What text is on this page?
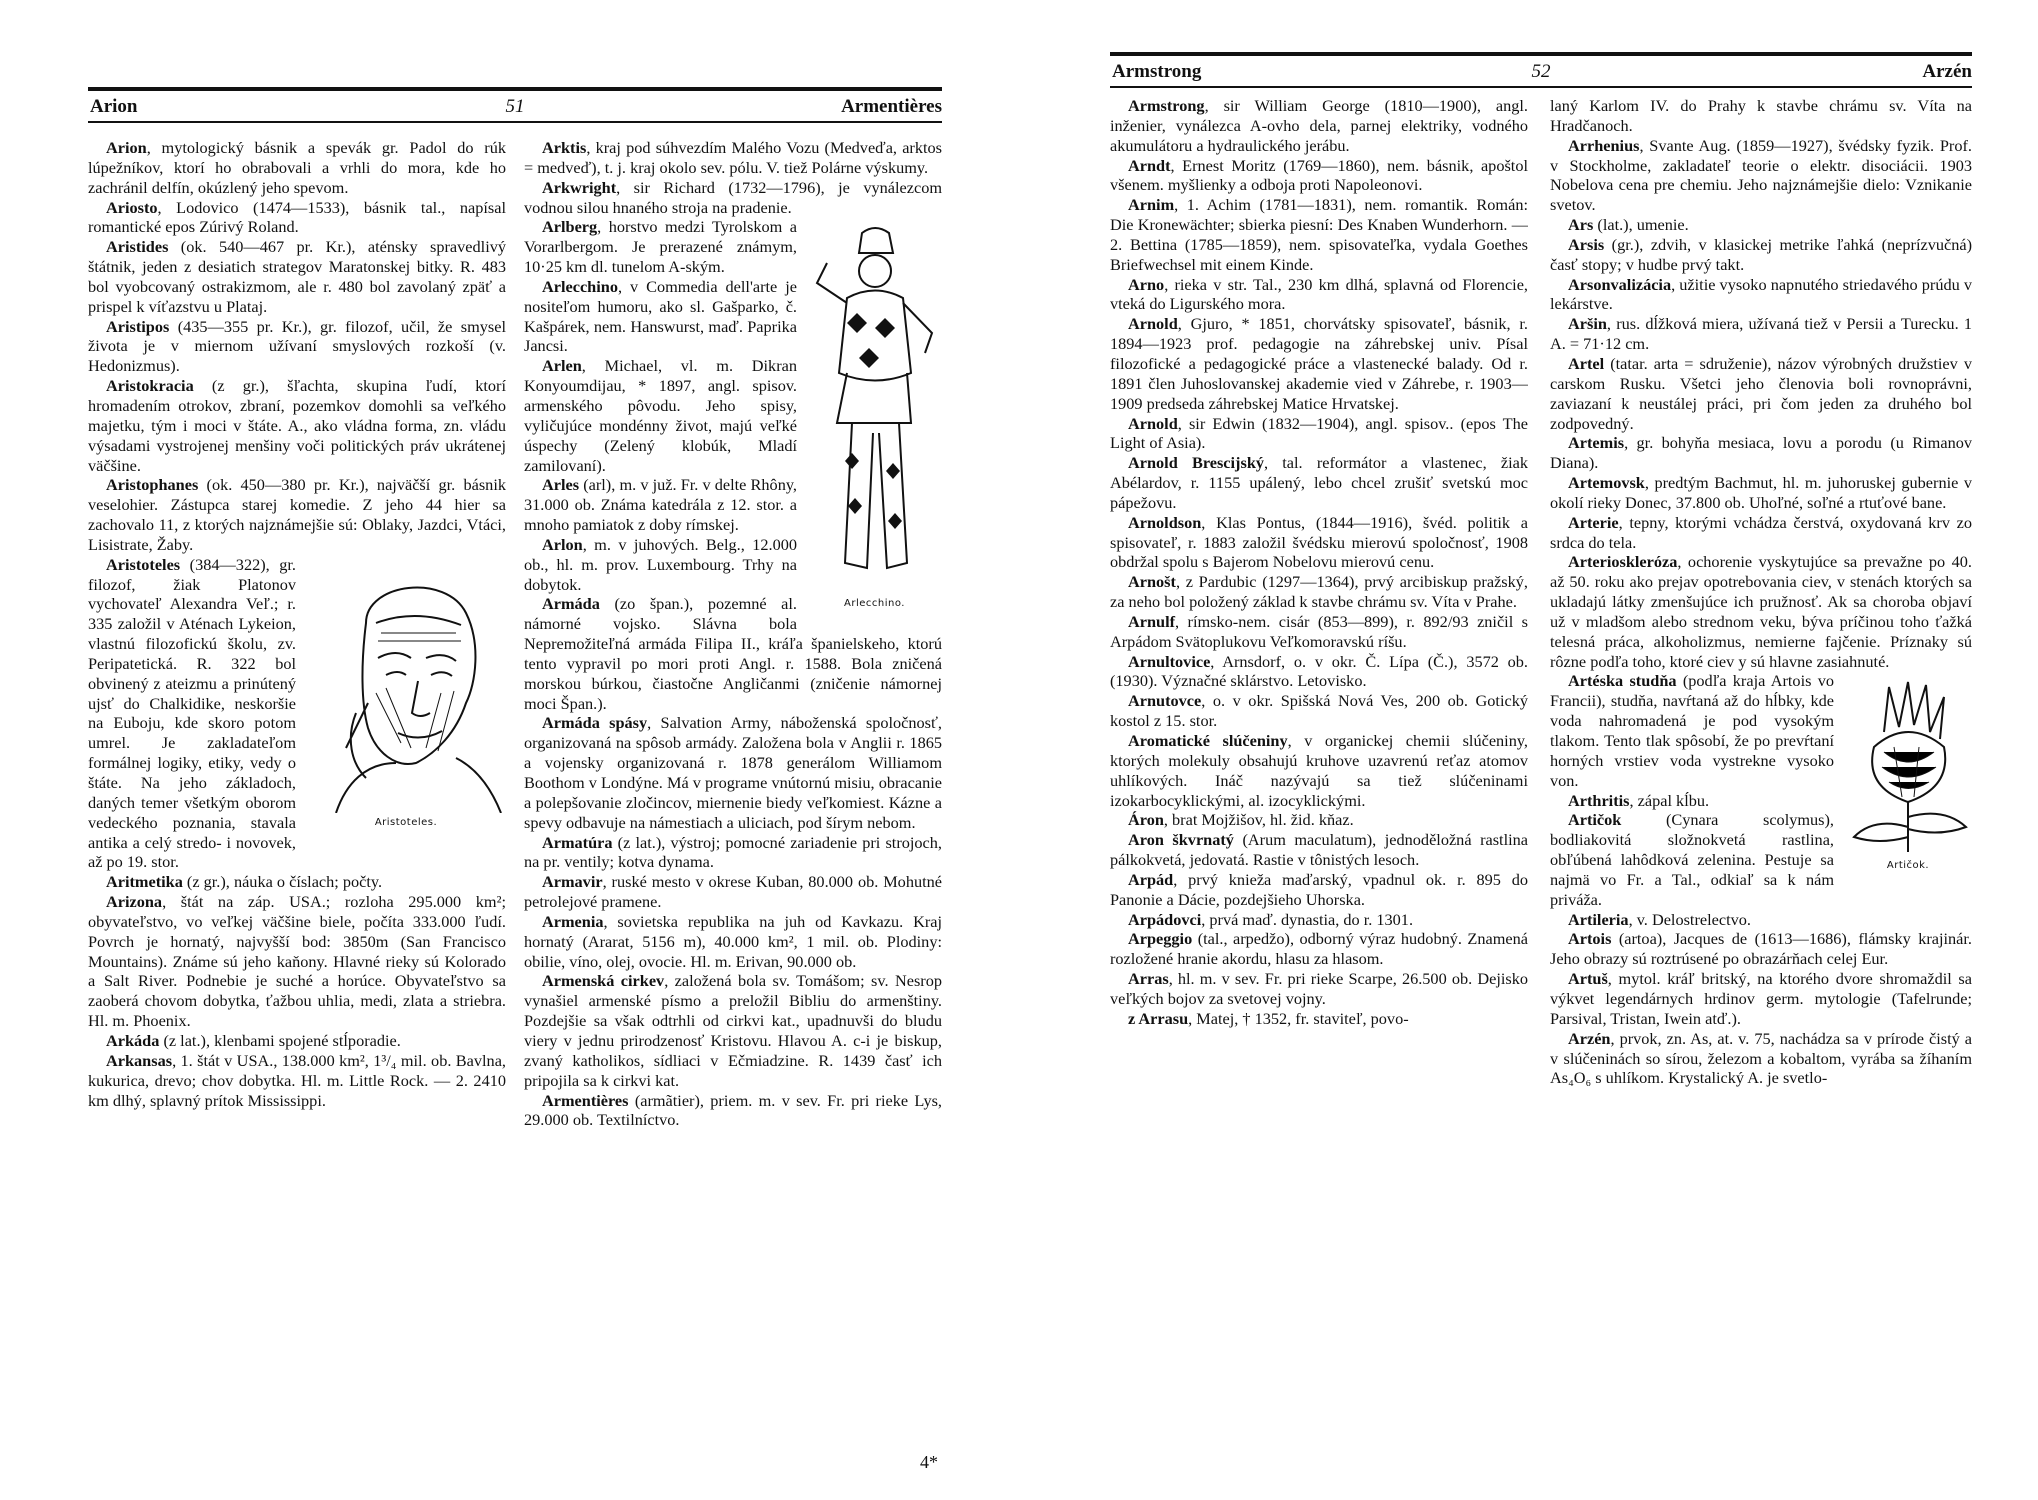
Arion	51	Armentières

Arion, mytologický básnik a spevák gr. Padol do rúk lúpežníkov, ktorí ho obrabovali a vrhli do mora, kde ho zachránil delfín, okúzlený jeho spevom.

Ariosto, Lodovico (1474—1533), básnik tal., napísal romantické epos Zúrivý Roland.

Aristides (ok. 540—467 pr. Kr.), aténsky spravedlivý štátnik, jeden z desiatich strategov Maratonskej bitky. R. 483 bol vyobcovaný ostrakizmom, ale r. 480 bol zavolaný zpäť a prispel k víťazstvu u Plataj.

Aristipos (435—355 pr. Kr.), gr. filozof, učil, že smysel života je v miernom užívaní smyslových rozkoší (v. Hedonizmus).

Aristokracia (z gr.), šľachta, skupina ľudí, ktorí hromadením otrokov, zbraní, pozemkov domohli sa veľkého majetku, tým i moci v štáte. A., ako vládna forma, zn. vládu výsadami vystrojenej menšiny voči politických práv ukrátenej väčšine.

Aristophanes (ok. 450—380 pr. Kr.), najväčší gr. básnik veselohier. Zástupca starej komedie. Z jeho 44 hier sa zachovalo 11, z ktorých najznámejšie sú: Oblaky, Jazdci, Vtáci, Lisistrate, Žaby.

Aristoteles.

Aristoteles (384—322), gr. filozof, žiak Platonov vychovateľ Alexandra Veľ.; r. 335 založil v Aténach Lykeion, vlastnú filozofickú školu, zv. Peripatetická. R. 322 bol obvinený z ateizmu a prinútený ujsť do Chalkidike, neskoršie na Euboju, kde skoro potom umrel. Je zakladateľom formálnej logiky, etiky, vedy o štáte. Na jeho základoch, daných temer všetkým oborom vedeckého poznania, stavala antika a celý stredo- i novovek, až po 19. stor.

Aritmetika (z gr.), náuka o číslach; počty.

Arizona, štát na záp. USA.; rozloha 295.000 km²; obyvateľstvo, vo veľkej väčšine biele, počíta 333.000 ľudí. Povrch je hornatý, najvyšší bod: 3850m (San Francisco Mountains). Známe sú jeho kaňony. Hlavné rieky sú Kolorado a Salt River. Podnebie je suché a horúce. Obyvateľstvo sa zaoberá chovom dobytka, ťažbou uhlia, medi, zlata a striebra. Hl. m. Phoenix.

Arkáda (z lat.), klenbami spojené stĺporadie.

Arkansas, 1. štát v USA., 138.000 km², 1³/₄ mil. ob. Bavlna, kukurica, drevo; chov dobytka. Hl. m. Little Rock. — 2. 2410 km dlhý, splavný prítok Mississippi.

Arktis, kraj pod súhvezdím Malého Vozu (Medveďa, arktos = medveď), t. j. kraj okolo sev. pólu. V. tiež Polárne výskumy.

Arkwright, sir Richard (1732—1796), je vynálezcom vodnou silou hnaného stroja na pradenie.

Arlecchino.

Arlberg, horstvo medzi Tyrolskom a Vorarlbergom. Je prerazené známym, 10·25 km dl. tunelom A-ským.

Arlecchino, v Commedia dell'arte je nositeľom humoru, ako sl. Gašparko, č. Kašpárek, nem. Hanswurst, maď. Paprika Jancsi.

Arlen, Michael, vl. m. Dikran Konyoumdijau, * 1897, angl. spisov. armenského pôvodu. Jeho spisy, vyličujúce mondénny život, majú veľké úspechy (Zelený klobúk, Mladí zamilovaní).

Arles (arl), m. v juž. Fr. v delte Rhôny, 31.000 ob. Známa katedrála z 12. stor. a mnoho pamiatok z doby rímskej.

Arlon, m. v juhových. Belg., 12.000 ob., hl. m. prov. Luxembourg. Trhy na dobytok.

Armáda (zo špan.), pozemné al. námorné vojsko. Slávna bola Nepremožiteľná armáda Filipa II., kráľa španielskeho, ktorú tento vypravil po mori proti Angl. r. 1588. Bola zničená morskou búrkou, čiastočne Angličanmi (zničenie námornej moci Špan.).

Armáda spásy, Salvation Army, náboženská spoločnosť, organizovaná na spôsob armády. Založena bola v Anglii r. 1865 a vojensky organizovaná r. 1878 generálom Williamom Boothom v Londýne. Má v programe vnútornú misiu, obracanie a polepšovanie zločincov, miernenie biedy veľkomiest. Kázne a spevy odbavuje na námestiach a uliciach, pod šírym nebom.

Armatúra (z lat.), výstroj; pomocné zariadenie pri strojoch, na pr. ventily; kotva dynama.

Armavir, ruské mesto v okrese Kuban, 80.000 ob. Mohutné petrolejové pramene.

Armenia, sovietska republika na juh od Kavkazu. Kraj hornatý (Ararat, 5156 m), 40.000 km², 1 mil. ob. Plodiny: obilie, víno, olej, ovocie. Hl. m. Erivan, 90.000 ob.

Armenská cirkev, založená bola sv. Tomášom; sv. Nesrop vynašiel armenské písmo a preložil Bibliu do armenštiny. Pozdejšie sa však odtrhli od cirkvi kat., upadnuvši do bludu viery v jednu prirodzenosť Kristovu. Hlavou A. c-i je biskup, zvaný katholikos, sídliaci v Ečmiadzine. R. 1439 časť ich pripojila sa k cirkvi kat.

Armentières (armãtier), priem. m. v sev. Fr. pri rieke Lys, 29.000 ob. Textilníctvo.

4*
Armstrong	52	Arzén

Armstrong, sir William George (1810—1900), angl. inženier, vynálezca A-ovho dela, parnej elektriky, vodného akumulátoru a hydraulického jerábu.

Arndt, Ernest Moritz (1769—1860), nem. básnik, apoštol všenem. myšlienky a odboja proti Napoleonovi.

Arnim, 1. Achim (1781—1831), nem. romantik. Román: Die Kronewächter; sbierka piesní: Des Knaben Wunderhorn. — 2. Bettina (1785—1859), nem. spisovateľka, vydala Goethes Briefwechsel mit einem Kinde.

Arno, rieka v str. Tal., 230 km dlhá, splavná od Florencie, vteká do Ligurského mora.

Arnold, Gjuro, * 1851, chorvátsky spisovateľ, básnik, r. 1894—1923 prof. pedagogie na záhrebskej univ. Písal filozofické a pedagogické práce a vlastenecké balady. Od r. 1891 člen Juhoslovanskej akademie vied v Záhrebe, r. 1903—1909 predseda záhrebskej Matice Hrvatskej.

Arnold, sir Edwin (1832—1904), angl. spisov.. (epos The Light of Asia).

Arnold Brescijský, tal. reformátor a vlastenec, žiak Abélardov, r. 1155 upálený, lebo chcel zrušiť svetskú moc pápežovu.

Arnoldson, Klas Pontus, (1844—1916), švéd. politik a spisovateľ, r. 1883 založil švédsku mierovú spoločnosť, 1908 obdržal spolu s Bajerom Nobelovu mierovú cenu.

Arnošt, z Pardubic (1297—1364), prvý arcibiskup pražský, za neho bol položený základ k stavbe chrámu sv. Víta v Prahe.

Arnulf, rímsko-nem. cisár (853—899), r. 892/93 zničil s Arpádom Svätoplukovu Veľkomoravskú ríšu.

Arnultovice, Arnsdorf, o. v okr. Č. Lípa (Č.), 3572 ob. (1930). Význačné sklárstvo. Letovisko.

Arnutovce, o. v okr. Spišská Nová Ves, 200 ob. Gotický kostol z 15. stor.

Aromatické slúčeniny, v organickej chemii slúčeniny, ktorých molekuly obsahujú kruhove uzavrenú reťaz atomov uhlíkových. Ináč nazývajú sa tiež slúčeninami izokarbocyklickými, al. izocyklickými.

Áron, brat Mojžišov, hl. žid. kňaz.

Aron škvrnatý (Arum maculatum), jednoděložná rastlina pálkokvetá, jedovatá. Rastie v tônistých lesoch.

Arpád, prvý knieža maďarský, vpadnul ok. r. 895 do Panonie a Dácie, pozdejšieho Uhorska.

Arpádovci, prvá maď. dynastia, do r. 1301.

Arpeggio (tal., arpedžo), odborný výraz hudobný. Znamená rozložené hranie akordu, hlasu za hlasom.

Arras, hl. m. v sev. Fr. pri rieke Scarpe, 26.500 ob. Dejisko veľkých bojov za svetovej vojny.

z Arrasu, Matej, † 1352, fr. staviteľ, povo-

laný Karlom IV. do Prahy k stavbe chrámu sv. Víta na Hradčanoch.

Arrhenius, Svante Aug. (1859—1927), švédsky fyzik. Prof. v Stockholme, zakladateľ teorie o elektr. disociácii. 1903 Nobelova cena pre chemiu. Jeho najznámejšie dielo: Vznikanie svetov.

Ars (lat.), umenie.

Arsis (gr.), zdvih, v klasickej metrike ľahká (neprízvučná) časť stopy; v hudbe prvý takt.

Arsonvalizácia, užitie vysoko napnutého striedavého prúdu v lekárstve.

Aršin, rus. dĺžková miera, užívaná tiež v Persii a Turecku. 1 A. = 71·12 cm.

Artel (tatar. arta = sdruženie), názov výrobných družstiev v carskom Rusku. Všetci jeho členovia boli rovnoprávni, zaviazaní k neustálej práci, pri čom jeden za druhého bol zodpovedný.

Artemis, gr. bohyňa mesiaca, lovu a porodu (u Rimanov Diana).

Artemovsk, predtým Bachmut, hl. m. juhoruskej gubernie v okolí rieky Donec, 37.800 ob. Uhoľné, soľné a rtuťové bane.

Arterie, tepny, ktorými vchádza čerstvá, oxydovaná krv zo srdca do tela.

Arterioskleróza, ochorenie vyskytujúce sa prevažne po 40. až 50. roku ako prejav opotrebovania ciev, v stenách ktorých sa ukladajú látky zmenšujúce ich pružnosť. Ak sa choroba objaví už v mladšom alebo strednom veku, býva príčinou toho ťažká telesná práca, alkoholizmus, nemierne fajčenie. Príznaky sú rôzne podľa toho, ktoré ciev y sú hlavne zasiahnuté.

Artičok.

Artéska studňa (podľa kraja Artois vo Francii), studňa, navŕtaná až do hĺbky, kde voda nahromadená je pod vysokým tlakom. Tento tlak spôsobí, že po prevŕtaní horných vrstiev voda vystrekne vysoko von.

Arthritis, zápal kĺbu.

Artičok (Cynara scolymus), bodliakovitá složnokvetá rastlina, obľúbená lahôdková zelenina. Pestuje sa najmä vo Fr. a Tal., odkiaľ sa k nám priváža.

Artileria, v. Delostrelectvo.

Artois (artoa), Jacques de (1613—1686), flámsky krajinár. Jeho obrazy sú roztrúsené po obrazárňach celej Eur.

Artuš, mytol. kráľ britský, na ktorého dvore shromaždil sa výkvet legendárnych hrdinov germ. mytologie (Tafelrunde; Parsival, Tristan, Iwein atď.).

Arzén, prvok, zn. As, at. v. 75, nachádza sa v prírode čistý a v slúčeninách so sírou, železom a kobaltom, vyrába sa žíhaním As₄O₆ s uhlíkom. Krystalický A. je svetlo-
